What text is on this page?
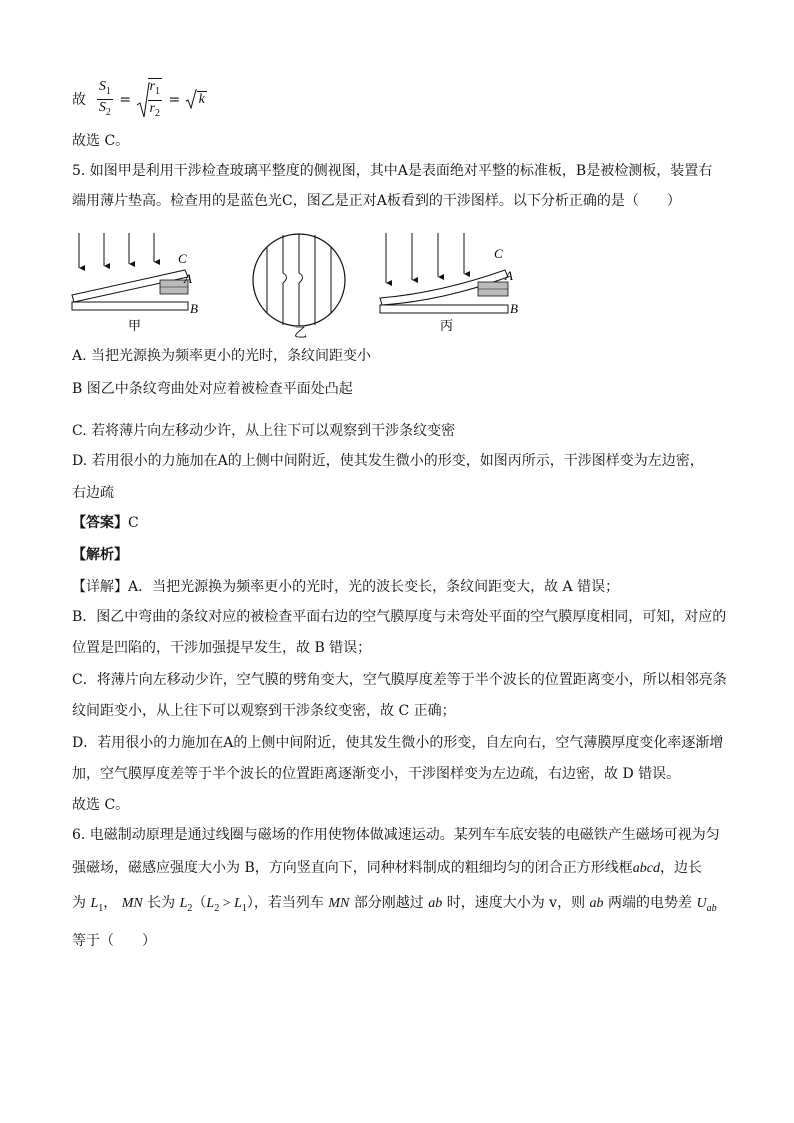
故 $\frac{S_1}{S_2} = \frac{r_1}{r_2} = k$
故选 C。
5. 如图甲是利用干涉检查玻璃平整度的侧视图，其中A是表面绝对平整的标准板，B是被检测板，装置右
端用薄片垫高。检查用的是蓝色光C，图乙是正对A板看到的干涉图样。以下分析正确的是（　　）
C
A
B
甲	乙
C
A
B
丙
A. 当把光源换为频率更小的光时，条纹间距变小
B 图乙中条纹弯曲处对应着被检查平面处凸起
C. 若将薄片向左移动少许，从上往下可以观察到干涉条纹变密
D. 若用很小的力施加在A的上侧中间附近，使其发生微小的形变，如图丙所示，干涉图样变为左边密，
右边疏
【答案】C
【解析】
【详解】A．当把光源换为频率更小的光时，光的波长变长，条纹间距变大，故 A 错误；
B．图乙中弯曲的条纹对应的被检查平面右边的空气膜厚度与未弯处平面的空气膜厚度相同，可知，对应的
位置是凹陷的，干涉加强提早发生，故 B 错误；
C．将薄片向左移动少许，空气膜的劈角变大，空气膜厚度差等于半个波长的位置距离变小，所以相邻亮条
纹间距变小，从上往下可以观察到干涉条纹变密，故 C 正确；
D．若用很小的力施加在A的上侧中间附近，使其发生微小的形变，自左向右，空气薄膜厚度变化率逐渐增
加，空气膜厚度差等于半个波长的位置距离逐渐变小，干涉图样变为左边疏，右边密，故 D 错误。
故选 C。
6. 电磁制动原理是通过线圈与磁场的作用使物体做减速运动。某列车车底安装的电磁铁产生磁场可视为匀
强磁场，磁感应强度大小为 B，方向竖直向下，同种材料制成的粗细均匀的闭合正方形线框abcd，边长
为 $L_1$， MN 长为 $L_2(L_2 > L_1)$，若当列车 MN 部分刚越过 ab 时，速度大小为 v，则 ab 两端的电势差 $U_{ab}$
等于（　　）
